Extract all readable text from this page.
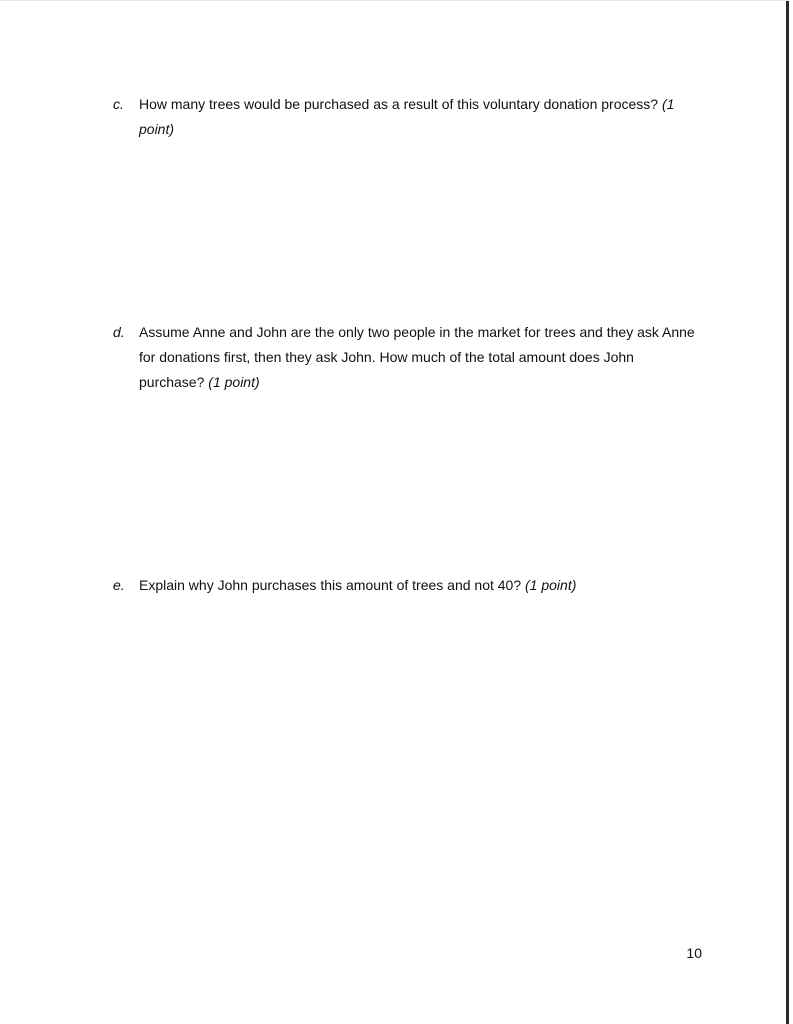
c.	How many trees would be purchased as a result of this voluntary donation process? (1 point)
d.	Assume Anne and John are the only two people in the market for trees and they ask Anne for donations first, then they ask John. How much of the total amount does John purchase? (1 point)
e.	Explain why John purchases this amount of trees and not 40? (1 point)
10
